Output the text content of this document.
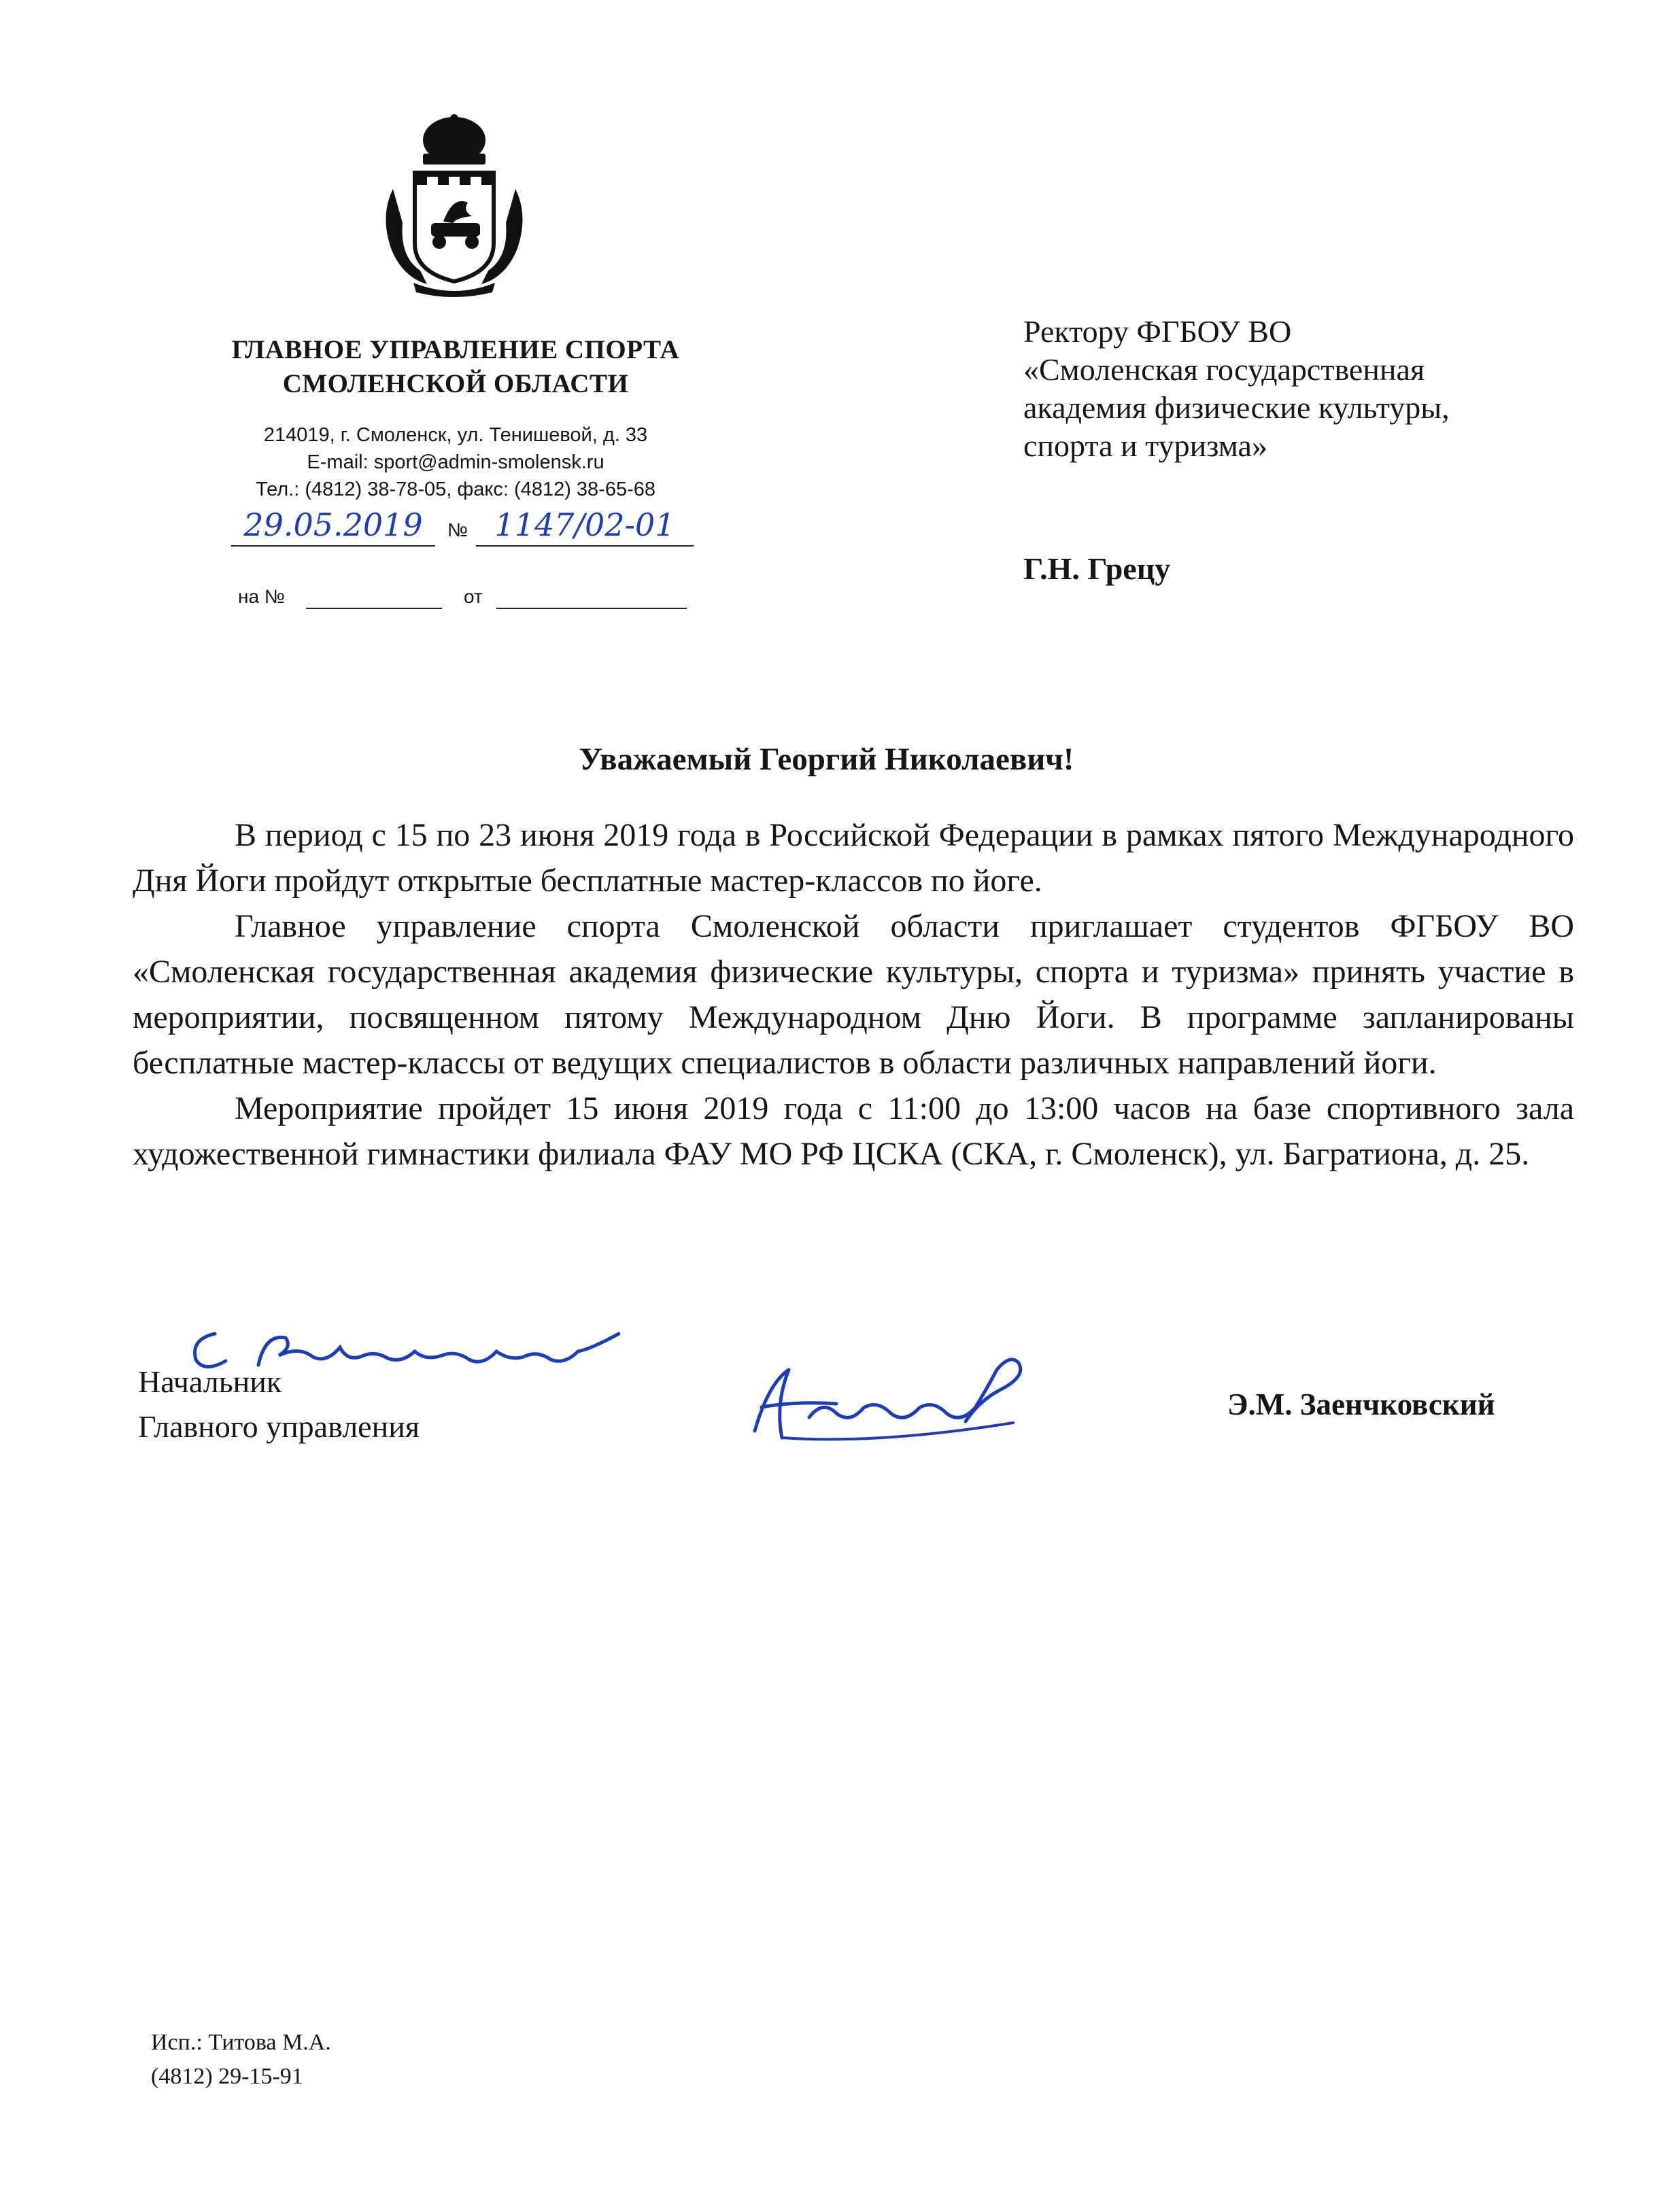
ГЛАВНОЕ УПРАВЛЕНИЕ СПОРТА
СМОЛЕНСКОЙ ОБЛАСТИ
214019, г. Смоленск, ул. Тенишевой, д. 33
E-mail: sport@admin-smolensk.ru
Тел.: (4812) 38-78-05, факс: (4812) 38-65-68
29.05.2019	№ 1147/02-01
на №	от
Ректору ФГБОУ ВО
«Смоленская государственная
академия физические культуры,
спорта и туризма»
Г.Н. Грецу
Уважаемый Георгий Николаевич!

В период с 15 по 23 июня 2019 года в Российской Федерации в рамках пятого Международного Дня Йоги пройдут открытые бесплатные мастер-классов по йоге.

Главное управление спорта Смоленской области приглашает студентов ФГБОУ ВО «Смоленская государственная академия физические культуры, спорта и туризма» принять участие в мероприятии, посвященном пятому Международном Дню Йоги. В программе запланированы бесплатные мастер-классы от ведущих специалистов в области различных направлений йоги.

Мероприятие пройдет 15 июня 2019 года с 11:00 до 13:00 часов на базе спортивного зала художественной гимнастики филиала ФАУ МО РФ ЦСКА (СКА, г. Смоленск), ул. Багратиона, д. 25.

Начальник
Главного управления
Э.М. Заенчковский
Исп.: Титова М.А.
(4812) 29-15-91
